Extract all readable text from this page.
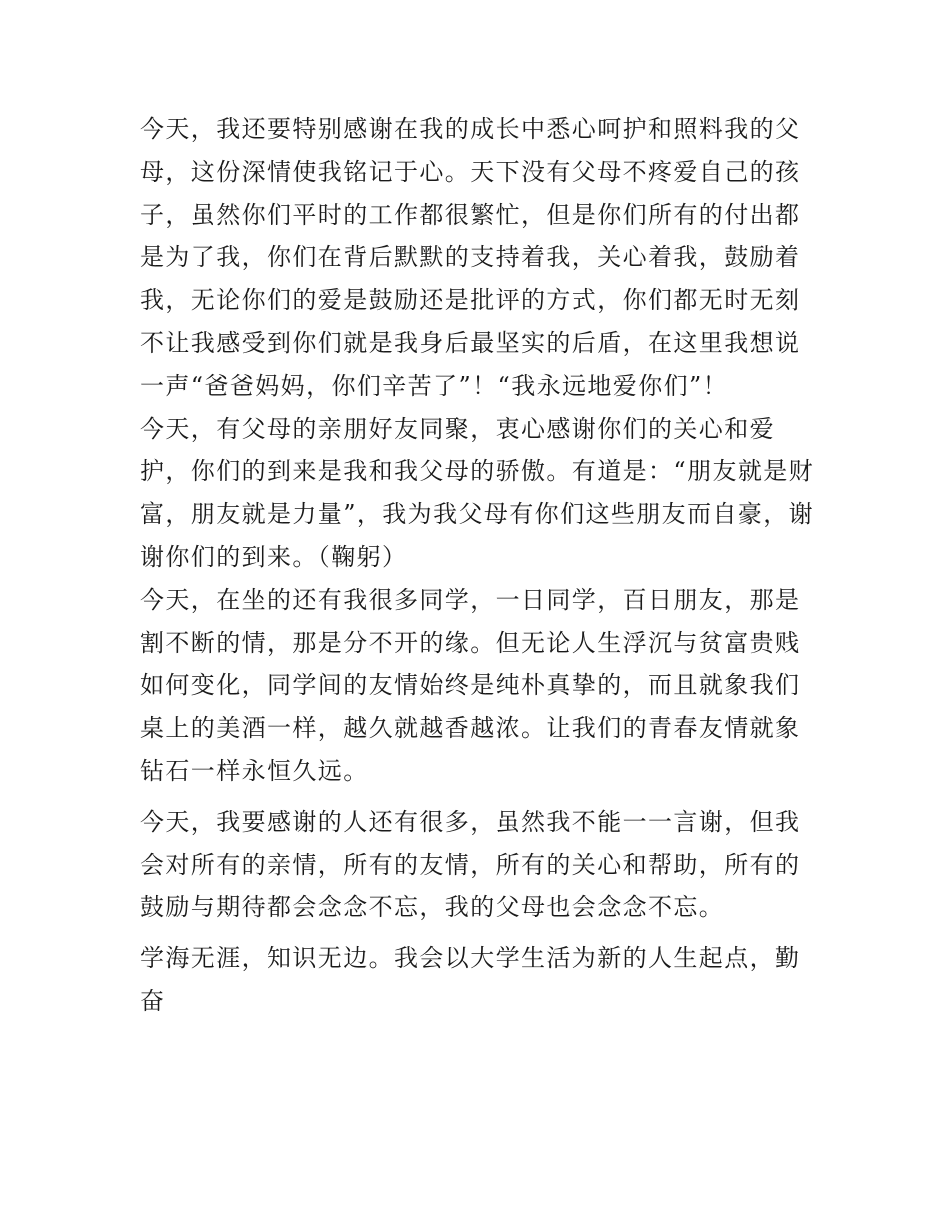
今天，我还要特别感谢在我的成长中悉心呵护和照料我的父母，这份深情使我铭记于心。天下没有父母不疼爱自己的孩子，虽然你们平时的工作都很繁忙，但是你们所有的付出都是为了我，你们在背后默默的支持着我，关心着我，鼓励着我，无论你们的爱是鼓励还是批评的方式，你们都无时无刻不让我感受到你们就是我身后最坚实的后盾，在这里我想说一声“爸爸妈妈，你们辛苦了”！“我永远地爱你们”！

今天，有父母的亲朋好友同聚，衷心感谢你们的关心和爱护，你们的到来是我和我父母的骄傲。有道是：“朋友就是财富，朋友就是力量”，我为我父母有你们这些朋友而自豪，谢谢你们的到来。（鞠躬）

今天，在坐的还有我很多同学，一日同学，百日朋友，那是割不断的情，那是分不开的缘。但无论人生浮沉与贫富贵贱如何变化，同学间的友情始终是纯朴真挚的，而且就象我们桌上的美酒一样，越久就越香越浓。让我们的青春友情就象钻石一样永恒久远。

今天，我要感谢的人还有很多，虽然我不能一一言谢，但我会对所有的亲情，所有的友情，所有的关心和帮助，所有的鼓励与期待都会念念不忘，我的父母也会念念不忘。

学海无涯，知识无边。我会以大学生活为新的人生起点，勤奋
